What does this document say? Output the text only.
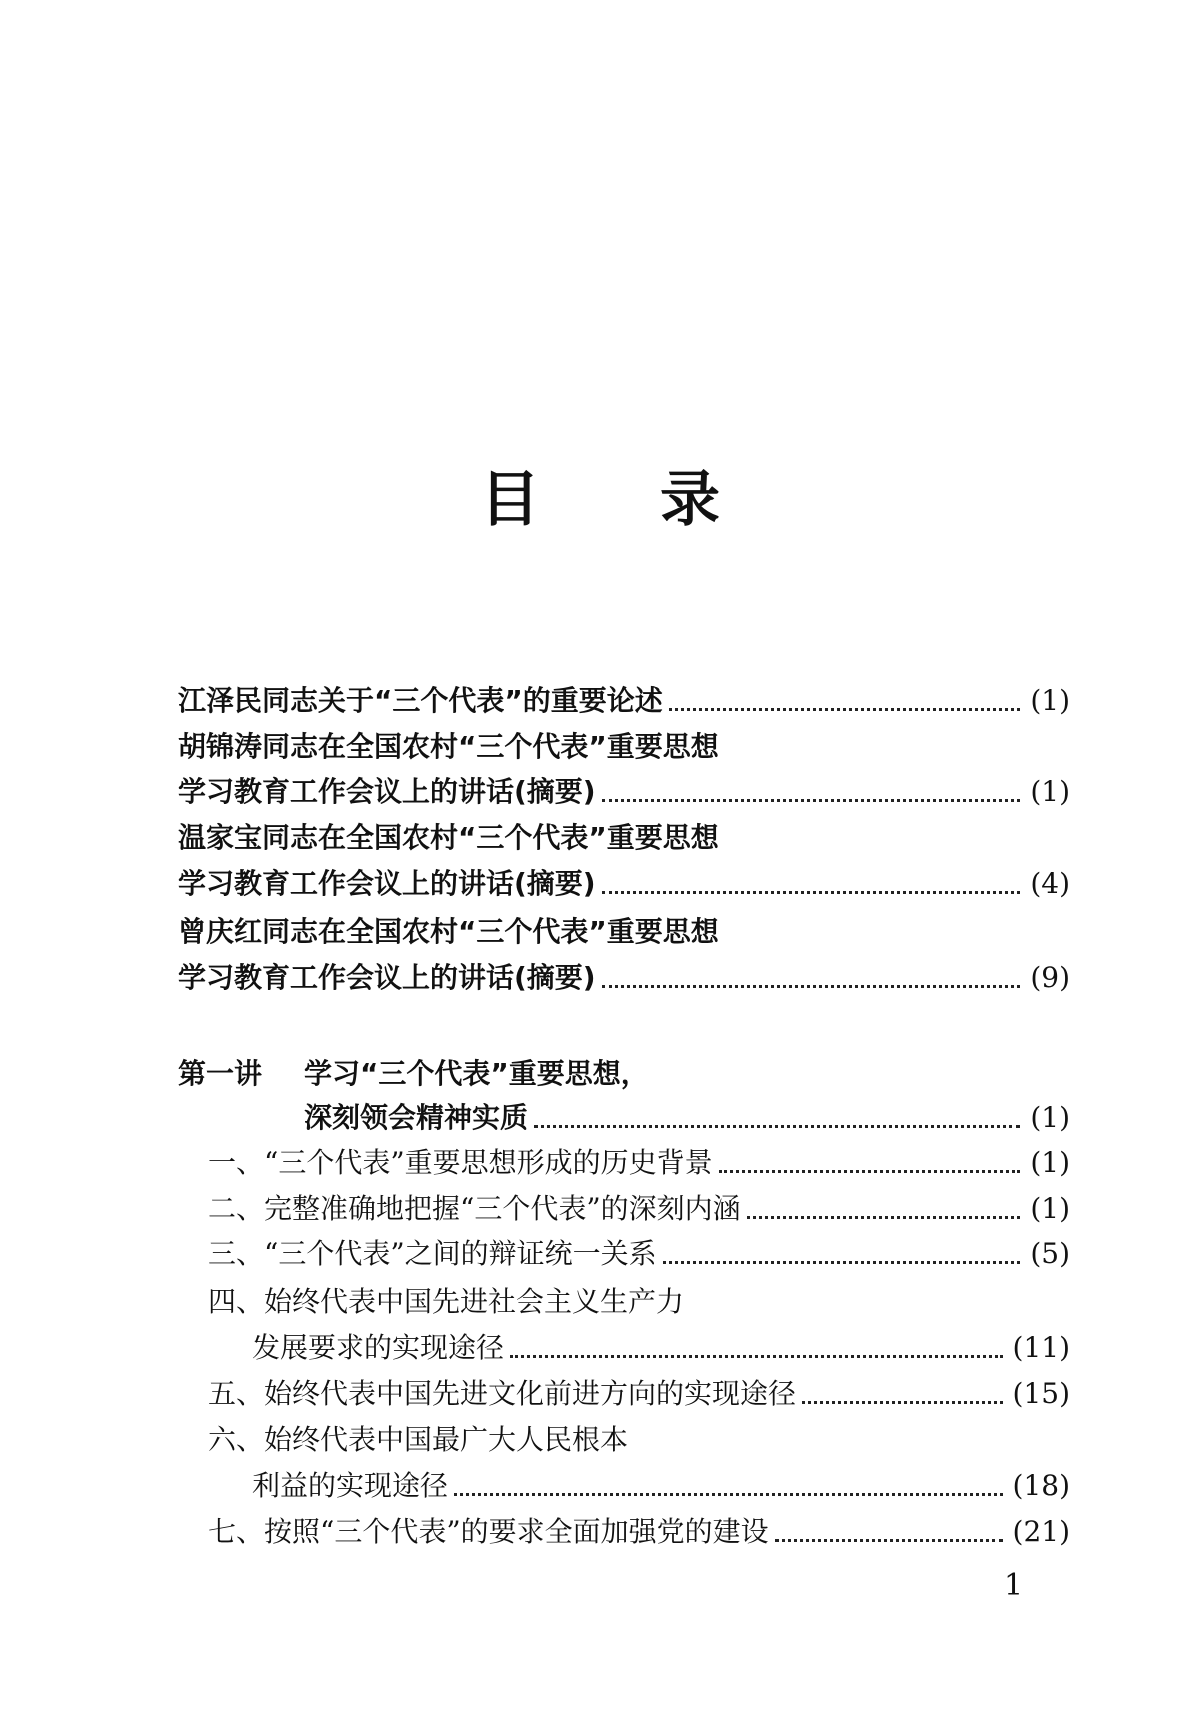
目 录
江泽民同志关于“三个代表”的重要论述	(1)
胡锦涛同志在全国农村“三个代表”重要思想
学习教育工作会议上的讲话(摘要)	(1)
温家宝同志在全国农村“三个代表”重要思想
学习教育工作会议上的讲话(摘要)	(4)
曾庆红同志在全国农村“三个代表”重要思想
学习教育工作会议上的讲话(摘要)	(9)
第一讲	学习“三个代表”重要思想，
深刻领会精神实质	(1)
一、“三个代表”重要思想形成的历史背景	(1)
二、完整准确地把握“三个代表”的深刻内涵	(1)
三、“三个代表”之间的辩证统一关系	(5)
四、始终代表中国先进社会主义生产力
发展要求的实现途径	(11)
五、始终代表中国先进文化前进方向的实现途径	(15)
六、始终代表中国最广大人民根本
利益的实现途径	(18)
七、按照“三个代表”的要求全面加强党的建设	(21)
1
